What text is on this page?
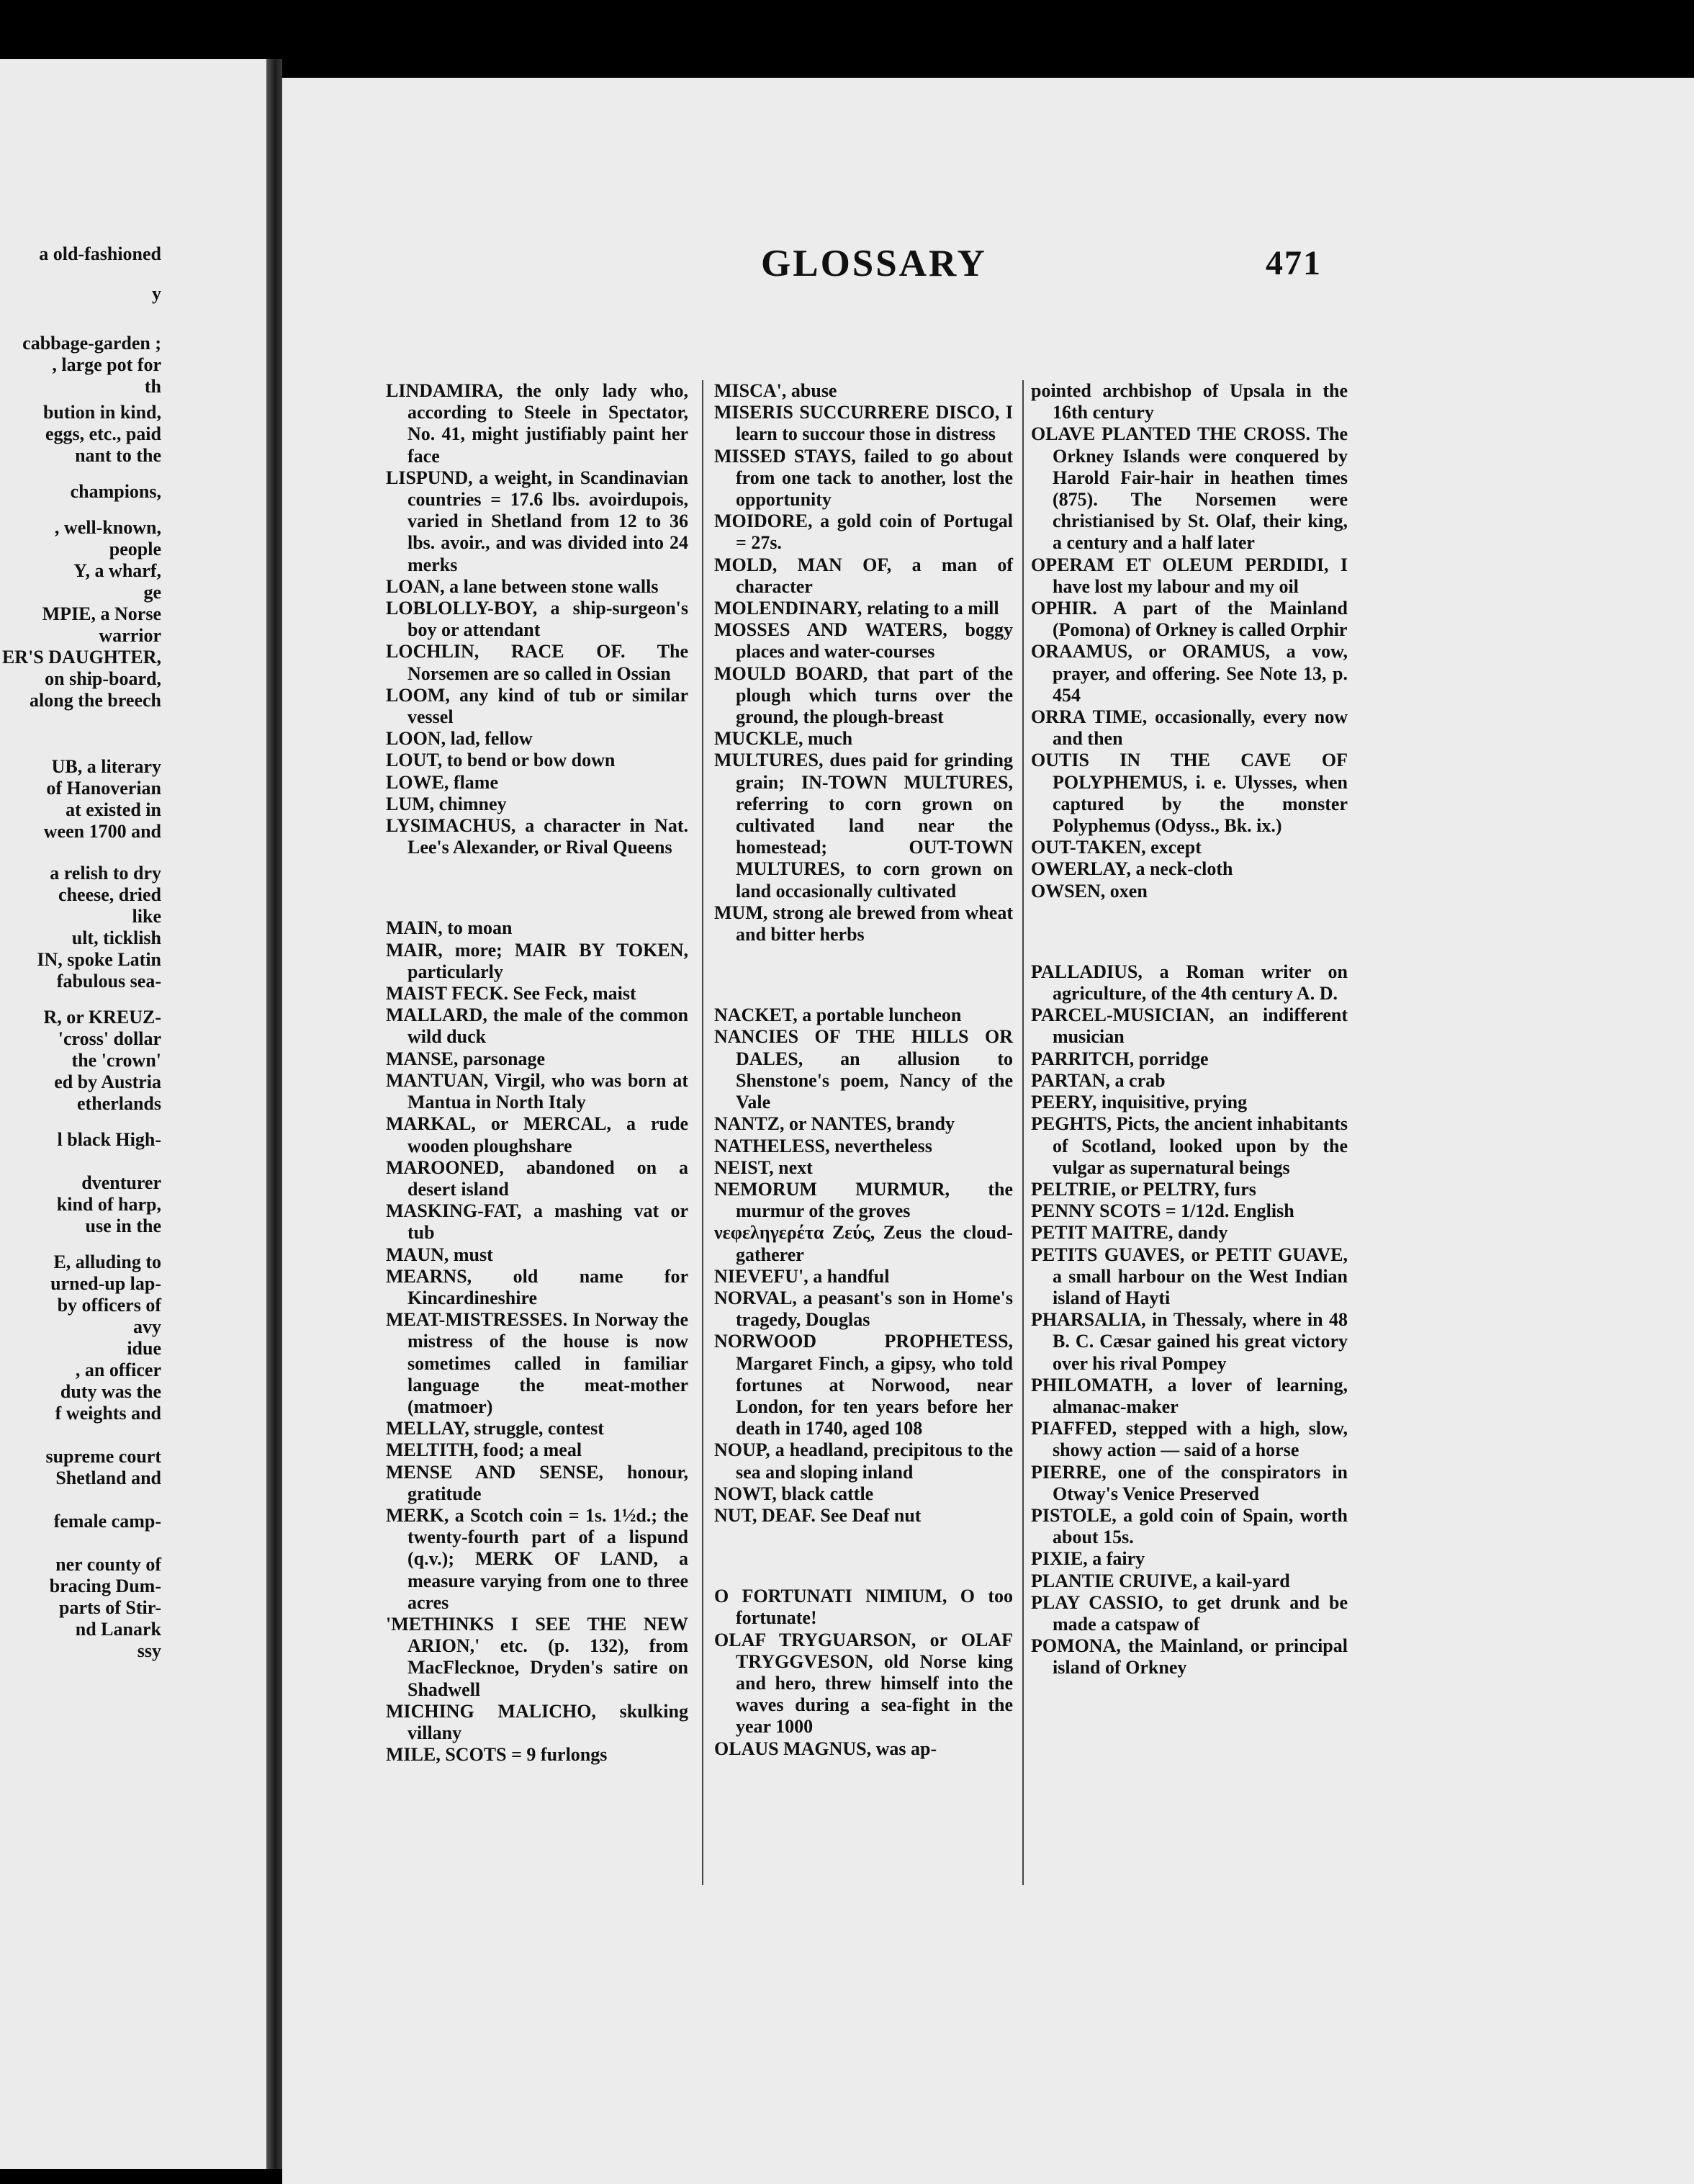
a old-fashioned
y
cabbage-garden ;
, large pot for
th
bution in kind,
eggs, etc., paid
nant to the
champions,
, well-known,
people
Y, a wharf,
ge
MPIE, a Norse
warrior
ER'S DAUGHTER,
on ship-board,
along the breech
UB, a literary
of Hanoverian
at existed in
ween 1700 and
a relish to dry
cheese, dried
like
ult, ticklish
IN, spoke Latin
fabulous sea-
R, or KREUZ-
'cross' dollar
the 'crown'
ed by Austria
etherlands
l black High-
dventurer
kind of harp,
use in the
E, alluding to
urned-up lap-
by officers of
avy
idue
, an officer
duty was the
f weights and
supreme court
Shetland and
female camp-
ner county of
bracing Dum-
parts of Stir-
nd Lanark
ssy
GLOSSARY	471

LINDAMIRA, the only lady who, according to Steele in Spectator, No. 41, might justifiably paint her face

LISPUND, a weight, in Scandinavian countries = 17.6 lbs. avoirdupois, varied in Shetland from 12 to 36 lbs. avoir., and was divided into 24 merks

LOAN, a lane between stone walls

LOBLOLLY-BOY, a ship-surgeon's boy or attendant

LOCHLIN, RACE OF. The Norsemen are so called in Ossian

LOOM, any kind of tub or similar vessel

LOON, lad, fellow

LOUT, to bend or bow down

LOWE, flame

LUM, chimney

LYSIMACHUS, a character in Nat. Lee's Alexander, or Rival Queens

MAIN, to moan

MAIR, more; MAIR BY TOKEN, particularly

MAIST FECK. See Feck, maist

MALLARD, the male of the common wild duck

MANSE, parsonage

MANTUAN, Virgil, who was born at Mantua in North Italy

MARKAL, or MERCAL, a rude wooden ploughshare

MAROONED, abandoned on a desert island

MASKING-FAT, a mashing vat or tub

MAUN, must

MEARNS, old name for Kincardineshire

MEAT-MISTRESSES. In Norway the mistress of the house is now sometimes called in familiar language the meat-mother (matmoer)

MELLAY, struggle, contest

MELTITH, food; a meal

MENSE AND SENSE, honour, gratitude

MERK, a Scotch coin = 1s. 1½d.; the twenty-fourth part of a lispund (q.v.); MERK OF LAND, a measure varying from one to three acres

'METHINKS I SEE THE NEW ARION,' etc. (p. 132), from MacFlecknoe, Dryden's satire on Shadwell

MICHING MALICHO, skulking villany

MILE, SCOTS = 9 furlongs

MISCA', abuse

MISERIS SUCCURRERE DISCO, I learn to succour those in distress

MISSED STAYS, failed to go about from one tack to another, lost the opportunity

MOIDORE, a gold coin of Portugal = 27s.

MOLD, MAN OF, a man of character

MOLENDINARY, relating to a mill

MOSSES AND WATERS, boggy places and water-courses

MOULD BOARD, that part of the plough which turns over the ground, the plough-breast

MUCKLE, much

MULTURES, dues paid for grinding grain; IN-TOWN MULTURES, referring to corn grown on cultivated land near the homestead; OUT-TOWN MULTURES, to corn grown on land occasionally cultivated

MUM, strong ale brewed from wheat and bitter herbs

NACKET, a portable luncheon

NANCIES OF THE HILLS OR DALES, an allusion to Shenstone's poem, Nancy of the Vale

NANTZ, or NANTES, brandy

NATHELESS, nevertheless

NEIST, next

NEMORUM MURMUR, the murmur of the groves

νεφεληγερέτα Ζεύς, Zeus the cloud-gatherer

NIEVEFU', a handful

NORVAL, a peasant's son in Home's tragedy, Douglas

NORWOOD PROPHETESS, Margaret Finch, a gipsy, who told fortunes at Norwood, near London, for ten years before her death in 1740, aged 108

NOUP, a headland, precipitous to the sea and sloping inland

NOWT, black cattle

NUT, DEAF. See Deaf nut

O FORTUNATI NIMIUM, O too fortunate!

OLAF TRYGUARSON, or OLAF TRYGGVESON, old Norse king and hero, threw himself into the waves during a sea-fight in the year 1000

OLAUS MAGNUS, was ap-

pointed archbishop of Upsala in the 16th century

OLAVE PLANTED THE CROSS. The Orkney Islands were conquered by Harold Fair-hair in heathen times (875). The Norsemen were christianised by St. Olaf, their king, a century and a half later

OPERAM ET OLEUM PERDIDI, I have lost my labour and my oil

OPHIR. A part of the Mainland (Pomona) of Orkney is called Orphir

ORAAMUS, or ORAMUS, a vow, prayer, and offering. See Note 13, p. 454

ORRA TIME, occasionally, every now and then

OUTIS IN THE CAVE OF POLYPHEMUS, i. e. Ulysses, when captured by the monster Polyphemus (Odyss., Bk. ix.)

OUT-TAKEN, except

OWERLAY, a neck-cloth

OWSEN, oxen

PALLADIUS, a Roman writer on agriculture, of the 4th century A. D.

PARCEL-MUSICIAN, an indifferent musician

PARRITCH, porridge

PARTAN, a crab

PEERY, inquisitive, prying

PEGHTS, Picts, the ancient inhabitants of Scotland, looked upon by the vulgar as supernatural beings

PELTRIE, or PELTRY, furs

PENNY SCOTS = 1/12d. English

PETIT MAITRE, dandy

PETITS GUAVES, or PETIT GUAVE, a small harbour on the West Indian island of Hayti

PHARSALIA, in Thessaly, where in 48 B. C. Cæsar gained his great victory over his rival Pompey

PHILOMATH, a lover of learning, almanac-maker

PIAFFED, stepped with a high, slow, showy action — said of a horse

PIERRE, one of the conspirators in Otway's Venice Preserved

PISTOLE, a gold coin of Spain, worth about 15s.

PIXIE, a fairy

PLANTIE CRUIVE, a kail-yard

PLAY CASSIO, to get drunk and be made a catspaw of

POMONA, the Mainland, or principal island of Orkney
